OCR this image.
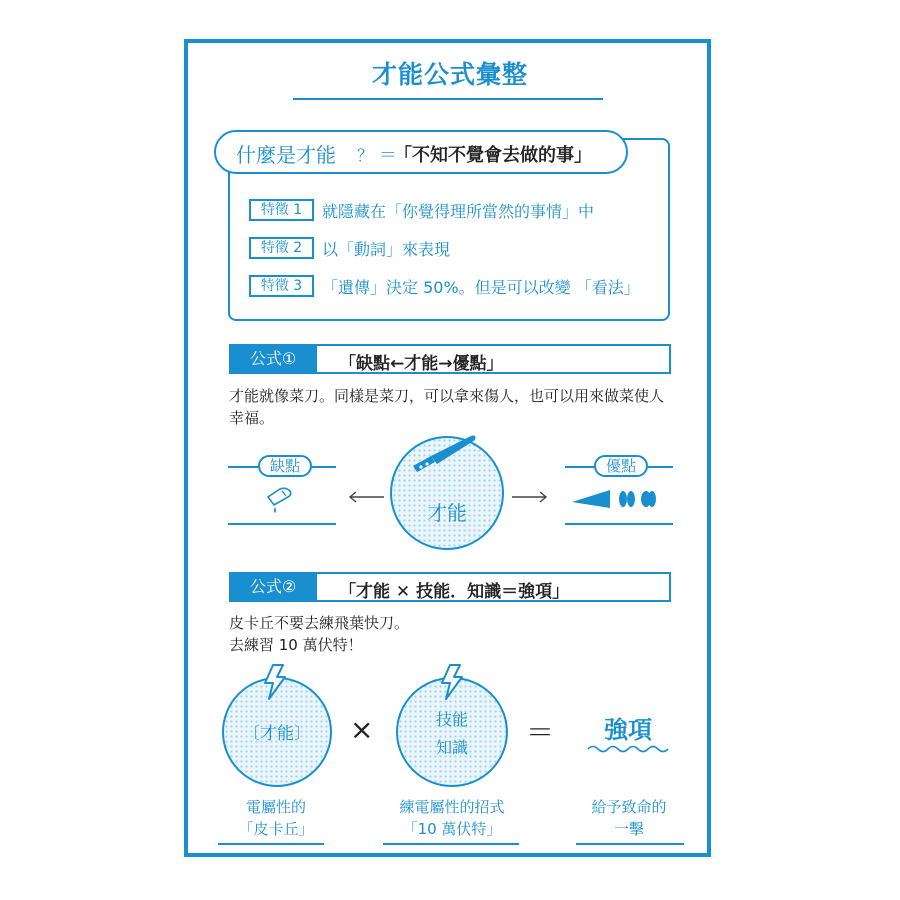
才能公式彙整
什麼是才能 ？ ＝
「不知不覺會去做的事」
特徵 1	就隱藏在「你覺得理所當然的事情」中
特徵 2	以「動詞」來表現
特徵 3	「遺傳」決定 50%。但是可以改變 「看法」
公式①	「缺點←才能→優點」
才能就像菜刀。同樣是菜刀，可以拿來傷人，也可以用來做菜使人幸福。
缺點
才能
優點
公式②	「才能 ✕ 技能．知識＝強項」
皮卡丘不要去練飛葉快刀。
去練習 10 萬伏特！
〔才能〕	×	技能
知識	＝ 強項
電屬性的
「皮卡丘」
練電屬性的招式
「10 萬伏特」
給予致命的
一擊
